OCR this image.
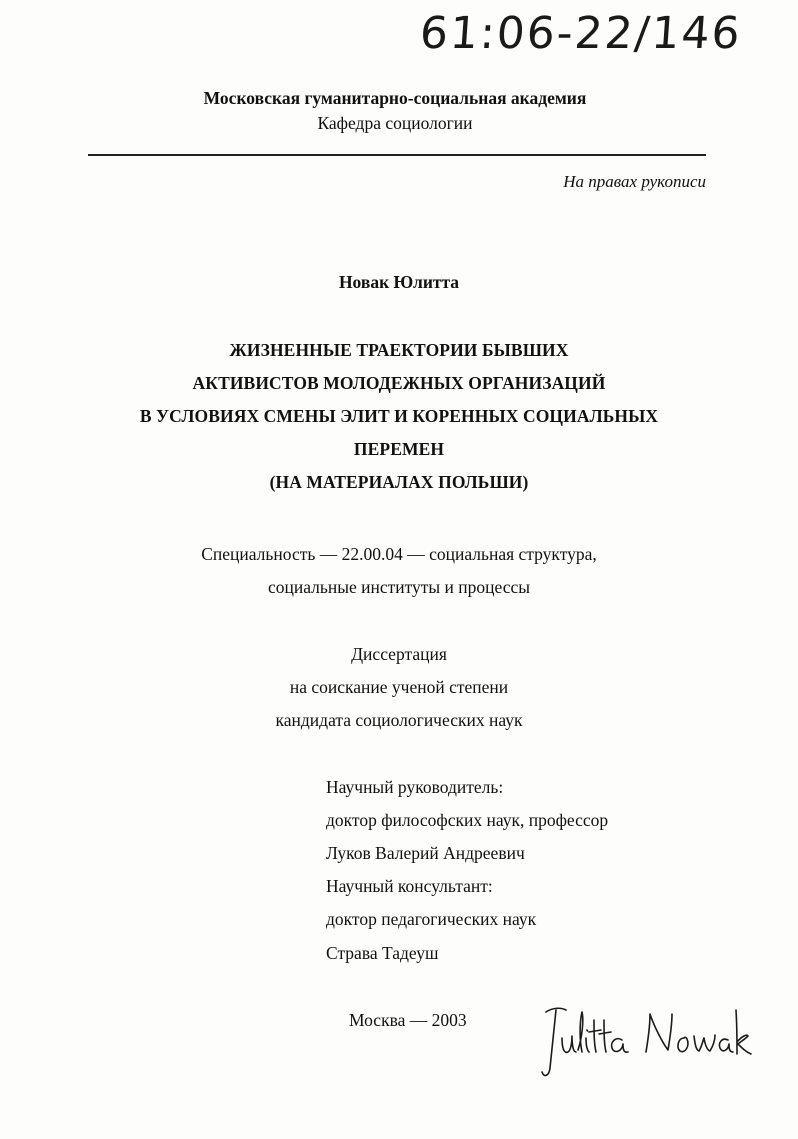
61:06-22/146

Московская гуманитарно-социальная академия

Кафедра социологии

На правах рукописи

Новак Юлитта

ЖИЗНЕННЫЕ ТРАЕКТОРИИ БЫВШИХ

АКТИВИСТОВ МОЛОДЕЖНЫХ ОРГАНИЗАЦИЙ

В УСЛОВИЯХ СМЕНЫ ЭЛИТ И КОРЕННЫХ СОЦИАЛЬНЫХ

ПЕРЕМЕН

(НА МАТЕРИАЛАХ ПОЛЬШИ)

Специальность — 22.00.04 — социальная структура,

социальные институты и процессы

Диссертация

на соискание ученой степени

кандидата социологических наук

Научный руководитель:

доктор философских наук, профессор

Луков Валерий Андреевич

Научный консультант:

доктор педагогических наук

Страва Тадеуш

Москва — 2003
